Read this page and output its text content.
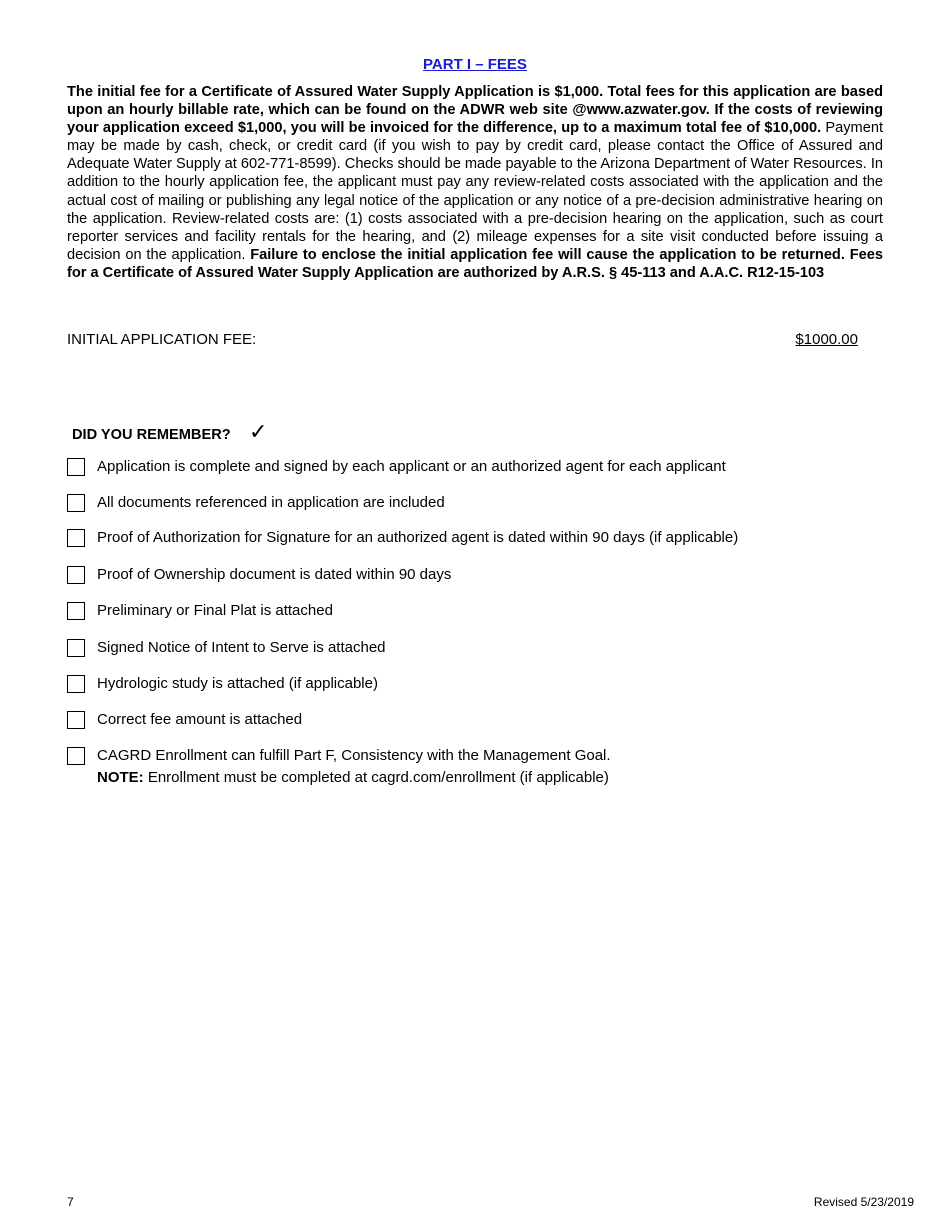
PART I – FEES

The initial fee for a Certificate of Assured Water Supply Application is $1,000. Total fees for this application are based upon an hourly billable rate, which can be found on the ADWR web site @www.azwater.gov. If the costs of reviewing your application exceed $1,000, you will be invoiced for the difference, up to a maximum total fee of $10,000. Payment may be made by cash, check, or credit card (if you wish to pay by credit card, please contact the Office of Assured and Adequate Water Supply at 602-771-8599). Checks should be made payable to the Arizona Department of Water Resources. In addition to the hourly application fee, the applicant must pay any review-related costs associated with the application and the actual cost of mailing or publishing any legal notice of the application or any notice of a pre-decision administrative hearing on the application. Review-related costs are: (1) costs associated with a pre-decision hearing on the application, such as court reporter services and facility rentals for the hearing, and (2) mileage expenses for a site visit conducted before issuing a decision on the application. Failure to enclose the initial application fee will cause the application to be returned. Fees for a Certificate of Assured Water Supply Application are authorized by A.R.S. § 45-113 and A.A.C. R12-15-103

INITIAL APPLICATION FEE:	$1000.00
DID YOU REMEMBER? ✓
Application is complete and signed by each applicant or an authorized agent for each applicant
All documents referenced in application are included
Proof of Authorization for Signature for an authorized agent is dated within 90 days (if applicable)
Proof of Ownership document is dated within 90 days
Preliminary or Final Plat is attached
Signed Notice of Intent to Serve is attached
Hydrologic study is attached (if applicable)
Correct fee amount is attached
CAGRD Enrollment can fulfill Part F, Consistency with the Management Goal.
NOTE: Enrollment must be completed at cagrd.com/enrollment (if applicable)
7	Revised 5/23/2019
